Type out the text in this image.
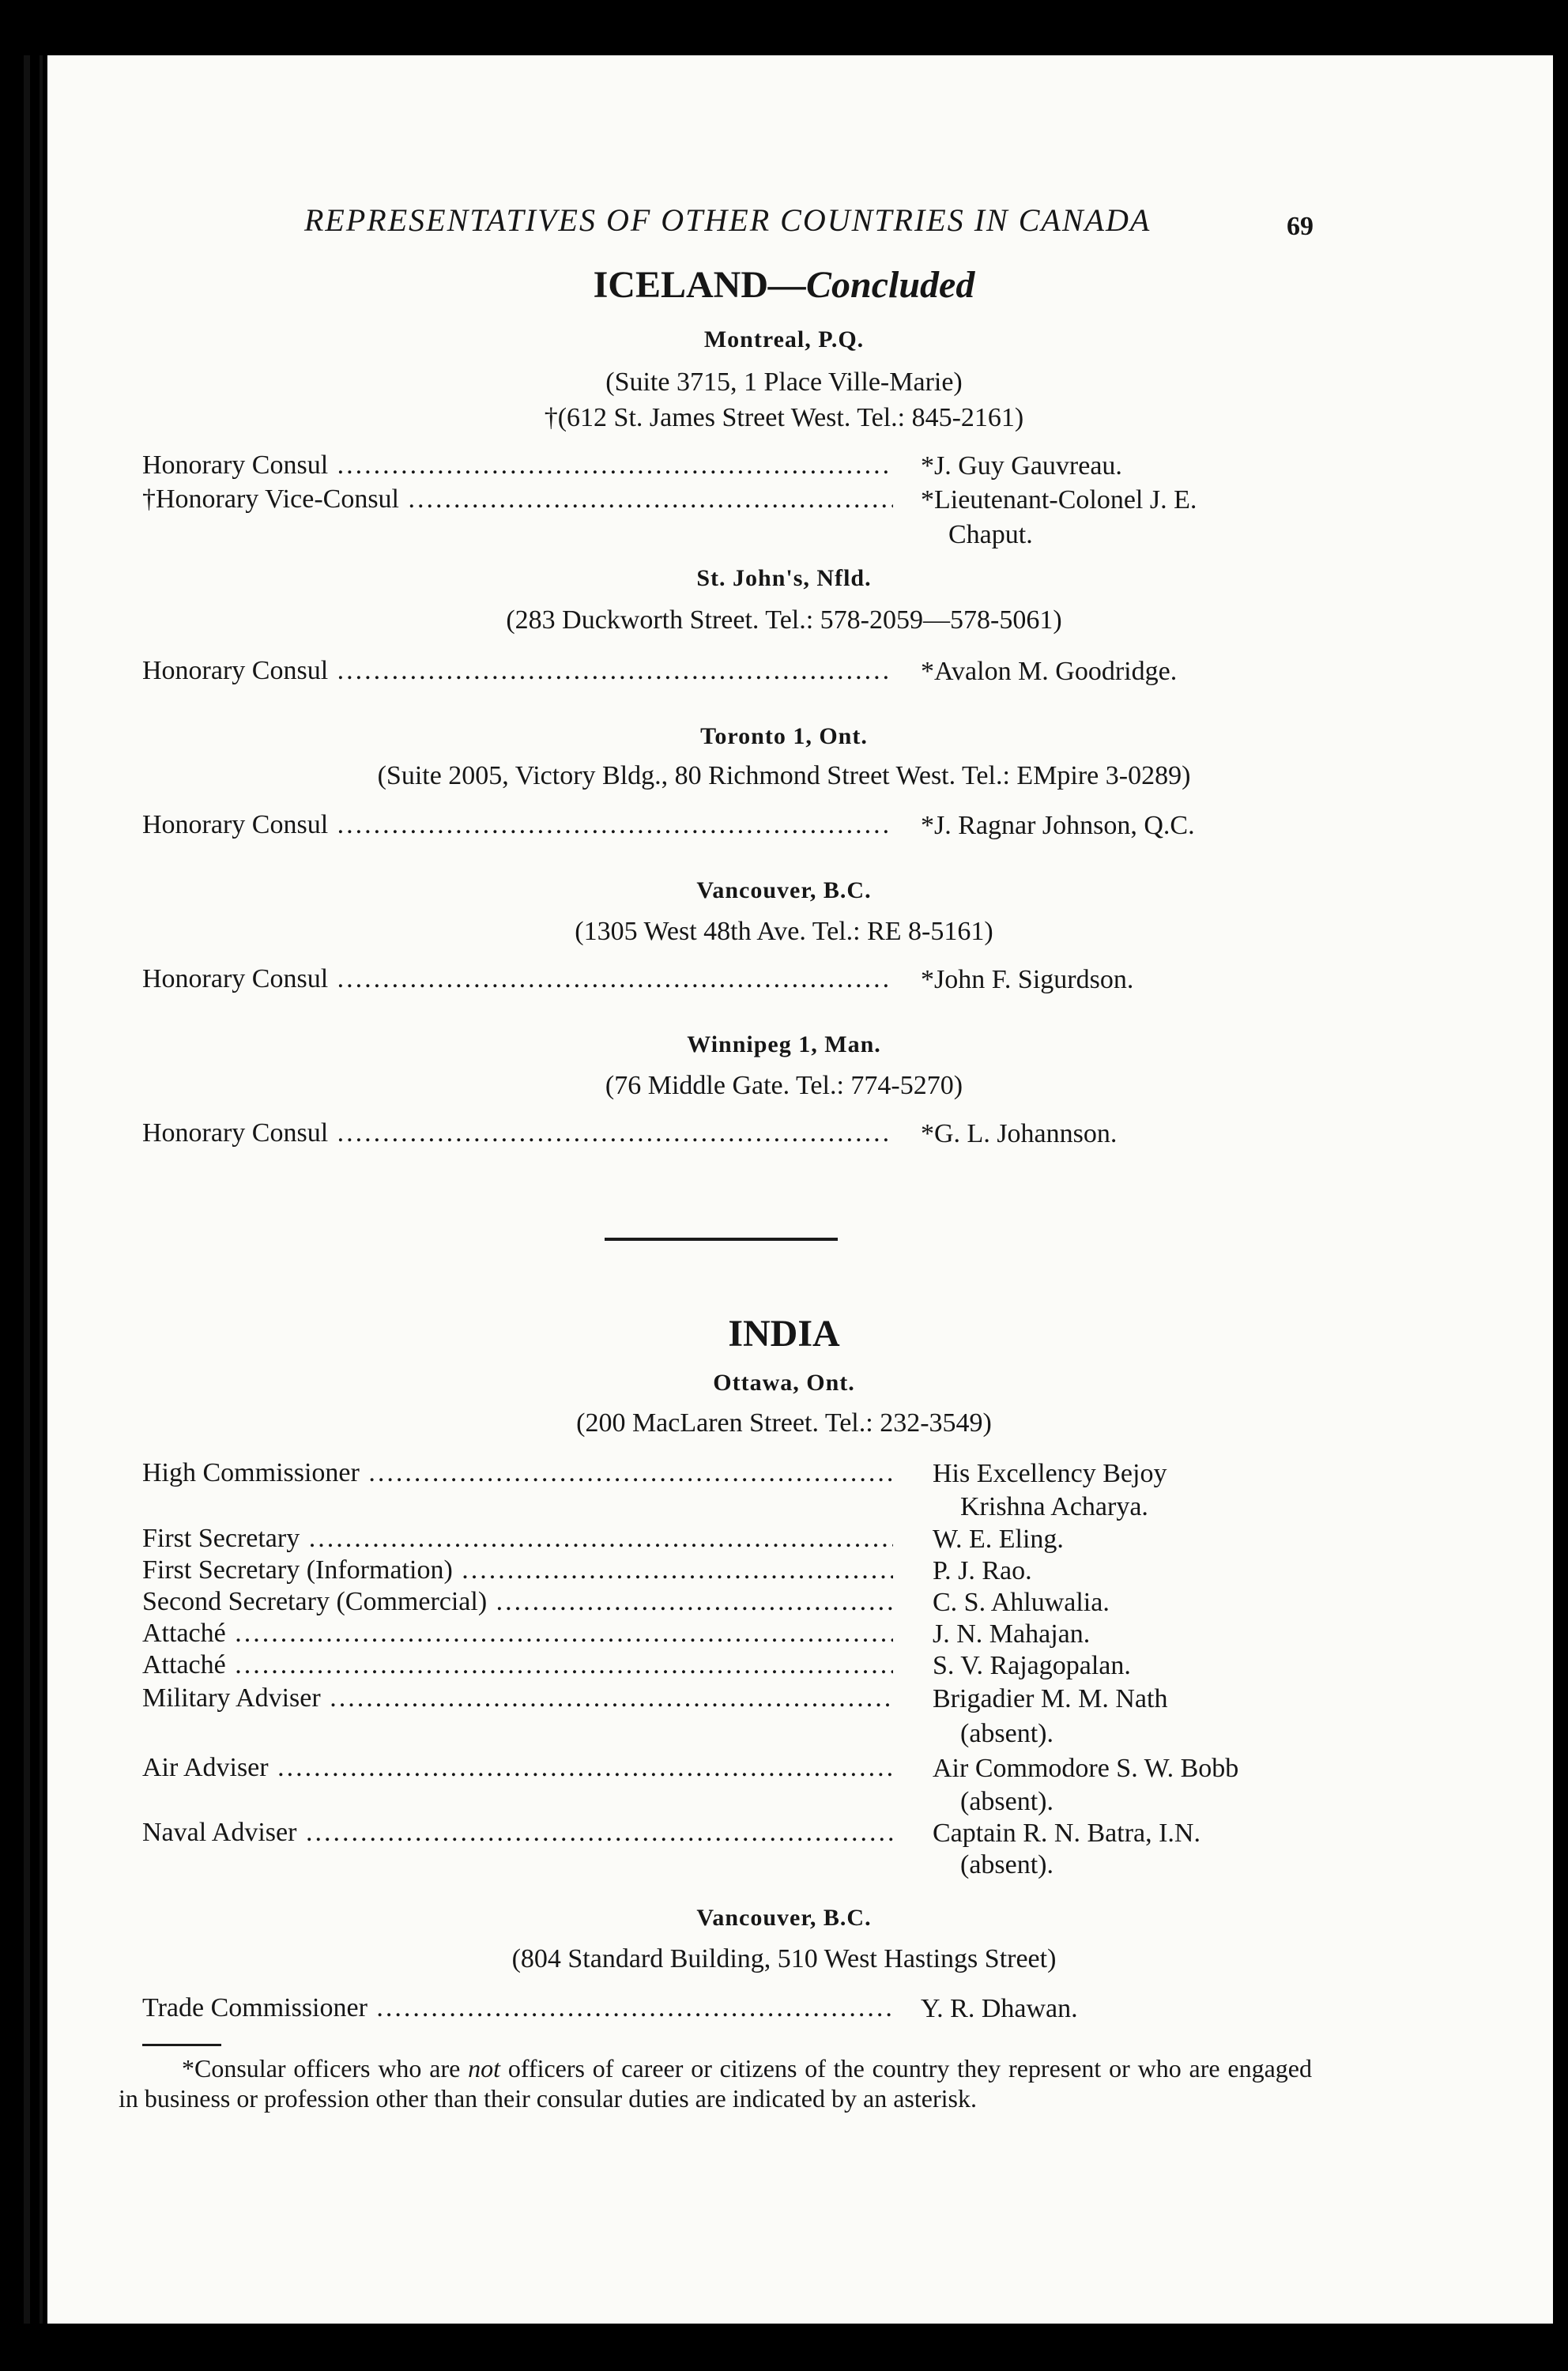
REPRESENTATIVES OF OTHER COUNTRIES IN CANADA	69
ICELAND—Concluded
Montreal, P.Q.
(Suite 3715, 1 Place Ville-Marie)
†(612 St. James Street West. Tel.: 845-2161)
Honorary Consul .....	*J. Guy Gauvreau.
†Honorary Vice-Consul .....	*Lieutenant-Colonel J. E.
Chaput.
St. John's, Nfld.
(283 Duckworth Street. Tel.: 578-2059—578-5061)
Honorary Consul .....	*Avalon M. Goodridge.
Toronto 1, Ont.
(Suite 2005, Victory Bldg., 80 Richmond Street West. Tel.: EMpire 3-0289)
Honorary Consul .....	*J. Ragnar Johnson, Q.C.
Vancouver, B.C.
(1305 West 48th Ave. Tel.: RE 8-5161)
Honorary Consul .....	*John F. Sigurdson.
Winnipeg 1, Man.
(76 Middle Gate. Tel.: 774-5270)
Honorary Consul .....	*G. L. Johannson.
INDIA
Ottawa, Ont.
(200 MacLaren Street. Tel.: 232-3549)
High Commissioner .....	His Excellency Bejoy
Krishna Acharya.
First Secretary .....	W. E. Eling.
First Secretary (Information) .....	P. J. Rao.
Second Secretary (Commercial) .....	C. S. Ahluwalia.
Attaché .....	J. N. Mahajan.
Attaché .....	S. V. Rajagopalan.
Military Adviser .....	Brigadier M. M. Nath
(absent).
Air Adviser .....	Air Commodore S. W. Bobb
(absent).
Naval Adviser .....	Captain R. N. Batra, I.N.
(absent).
Vancouver, B.C.
(804 Standard Building, 510 West Hastings Street)
Trade Commissioner .....	Y. R. Dhawan.
*Consular officers who are not officers of career or citizens of the country they represent or who are engaged in business or profession other than their consular duties are indicated by an asterisk.
